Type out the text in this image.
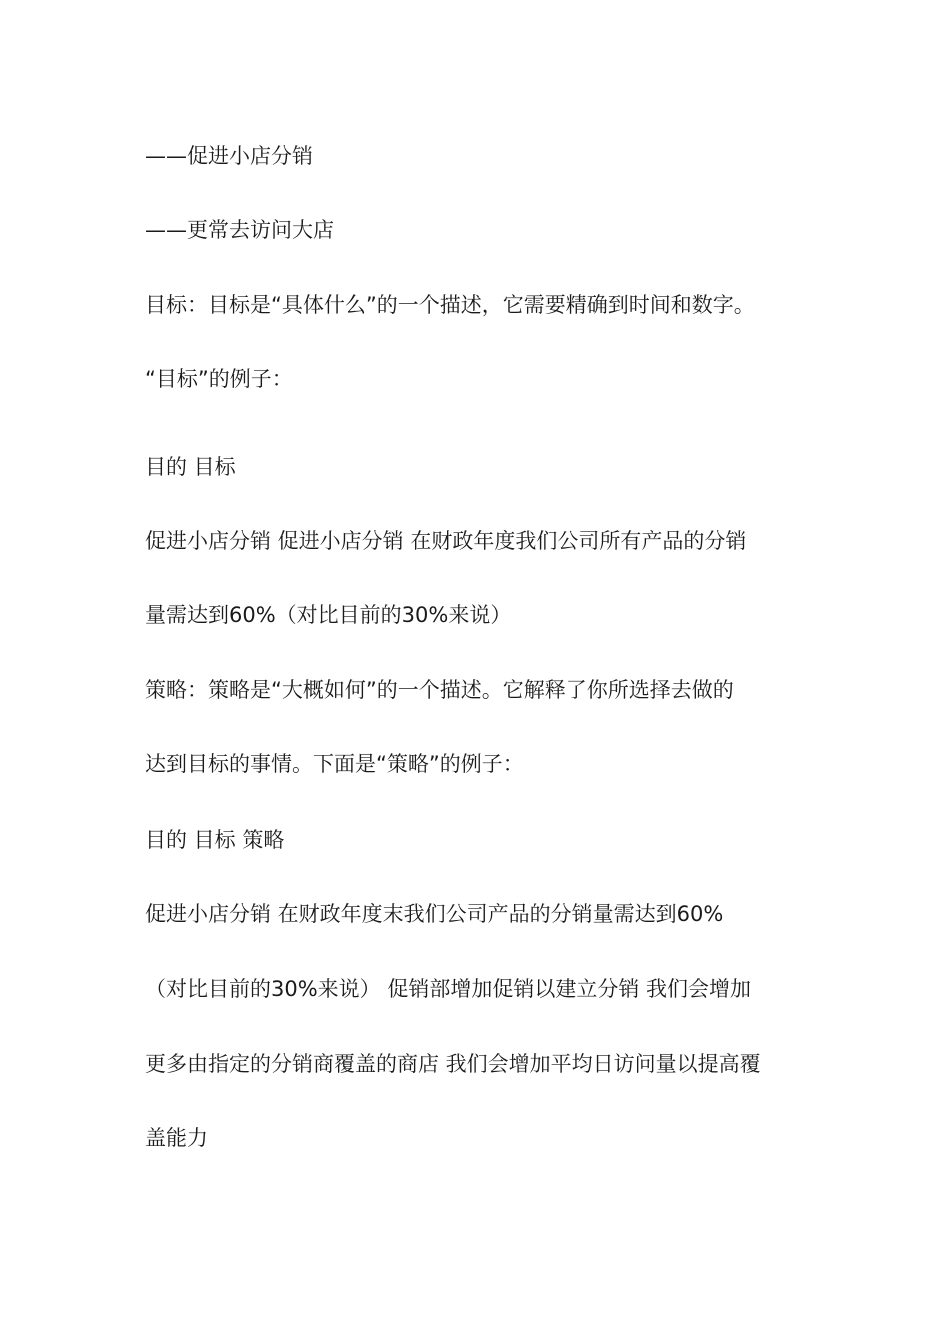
——促进小店分销
——更常去访问大店
目标：目标是“具体什么”的一个描述，它需要精确到时间和数字。
“目标”的例子：
目的 目标
促进小店分销 促进小店分销 在财政年度我们公司所有产品的分销
量需达到60%（对比目前的30%来说）
策略：策略是“大概如何”的一个描述。它解释了你所选择去做的
达到目标的事情。下面是“策略”的例子：
目的 目标 策略
促进小店分销 在财政年度末我们公司产品的分销量需达到60%
（对比目前的30%来说） 促销部增加促销以建立分销 我们会增加
更多由指定的分销商覆盖的商店 我们会增加平均日访问量以提高覆
盖能力
